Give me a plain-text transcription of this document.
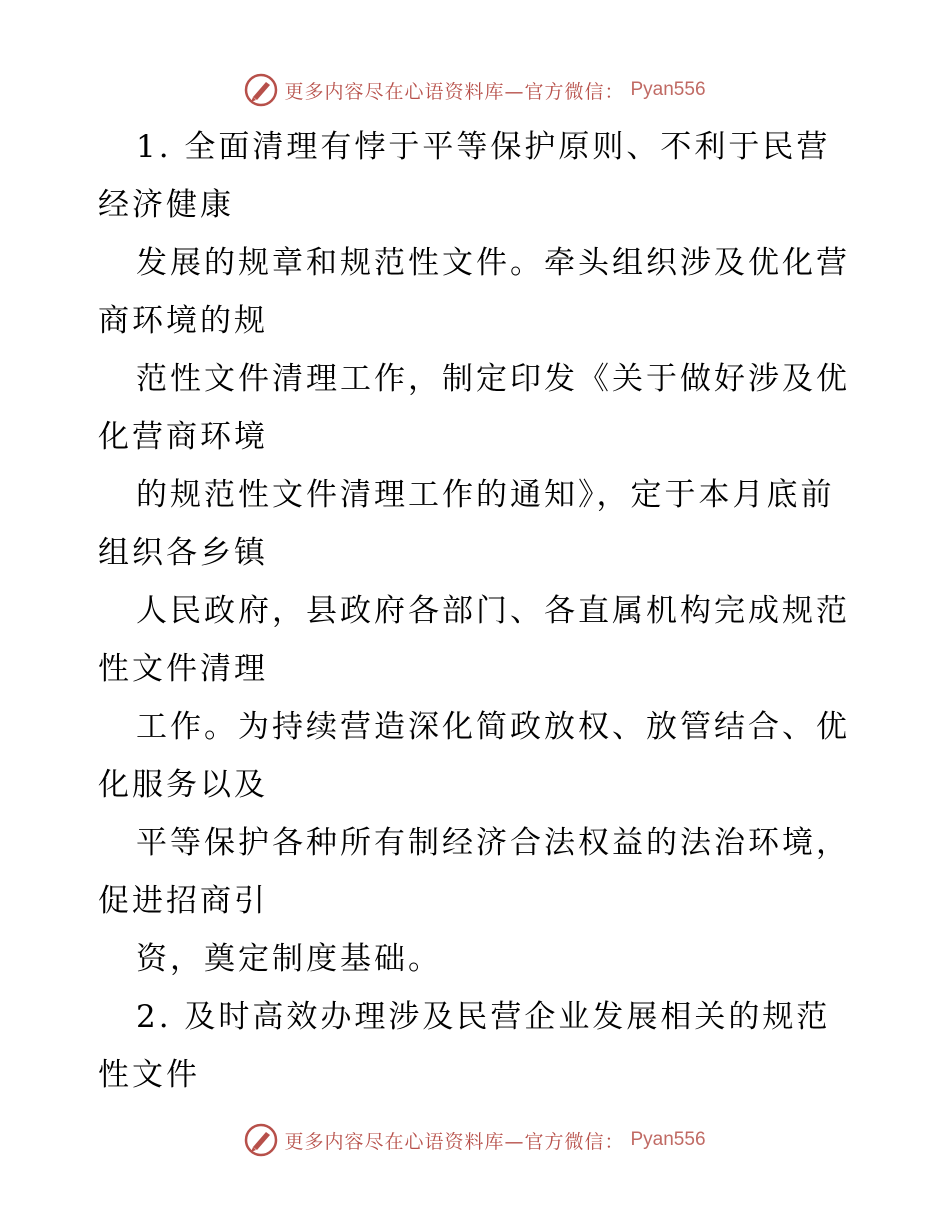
更多内容尽在心语资料库—官方微信： Pyan556
1. 全面清理有悖于平等保护原则、不利于民营
经济健康
发展的规章和规范性文件。牵头组织涉及优化营
商环境的规
范性文件清理工作，制定印发《关于做好涉及优
化营商环境
的规范性文件清理工作的通知》，定于本月底前
组织各乡镇
人民政府，县政府各部门、各直属机构完成规范
性文件清理
工作。为持续营造深化简政放权、放管结合、优
化服务以及
平等保护各种所有制经济合法权益的法治环境，
促进招商引
资，奠定制度基础。
2. 及时高效办理涉及民营企业发展相关的规范
性文件
更多内容尽在心语资料库—官方微信： Pyan556
